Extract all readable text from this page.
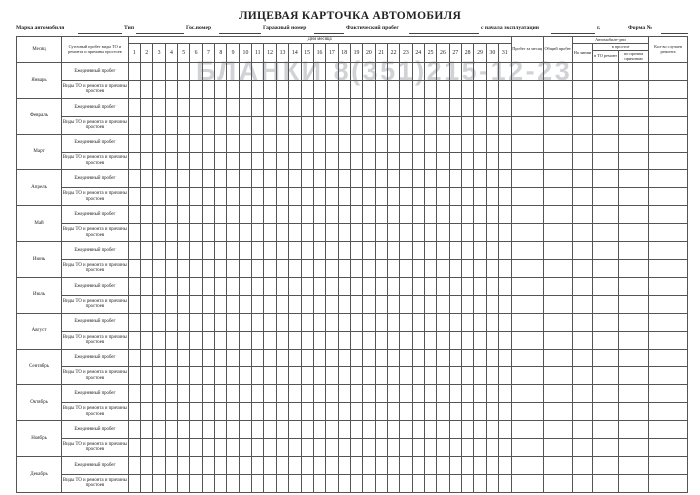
ЛИЦЕВАЯ КАРТОЧКА АВТОМОБИЛЯ
Марка автомобиля	Тип	Гос.номер	Гаражный номер	Фактический пробег	с начала эксплуатации	г.	Форма №
Месяц	Суточный пробег виды ТО и ремонта и причины простоев	Дни месяца																															Пробег за месяц	Общий пробег	Автомобиле-дни			Кол-во случаев ремонта
		1	2	3	4	5	6	7	8	9	10	11	12	13	14	15	16	17	18	19	20	21	22	23	24	25	26	27	28	29	30	31			На линии	в простое		
																																				в ТО ремонт	по прочим причинам	
Январь	Ежедневный пробег																																					
	Виды ТО и ремонта и причины простоев																																					
Февраль	Ежедневный пробег																																					
	Виды ТО и ремонта и причины простоев																																					
Март	Ежедневный пробег																																					
	Виды ТО и ремонта и причины простоев																																					
Апрель	Ежедневный пробег																																					
	Виды ТО и ремонта и причины простоев																																					
Май	Ежедневный пробег																																					
	Виды ТО и ремонта и причины простоев																																					
Июнь	Ежедневный пробег																																					
	Виды ТО и ремонта и причины простоев																																					
Июль	Ежедневный пробег																																					
	Виды ТО и ремонта и причины простоев																																					
Август	Ежедневный пробег																																					
	Виды ТО и ремонта и причины простоев																																					
Сентябрь	Ежедневный пробег																																					
	Виды ТО и ремонта и причины простоев																																					
Октябрь	Ежедневный пробег																																					
	Виды ТО и ремонта и причины простоев																																					
Ноябрь	Ежедневный пробег																																					
	Виды ТО и ремонта и причины простоев																																					
Декабрь	Ежедневный пробег																																					
	Виды ТО и ремонта и причины простоев																																					
БЛАНКИ 8(351)215-12-23
